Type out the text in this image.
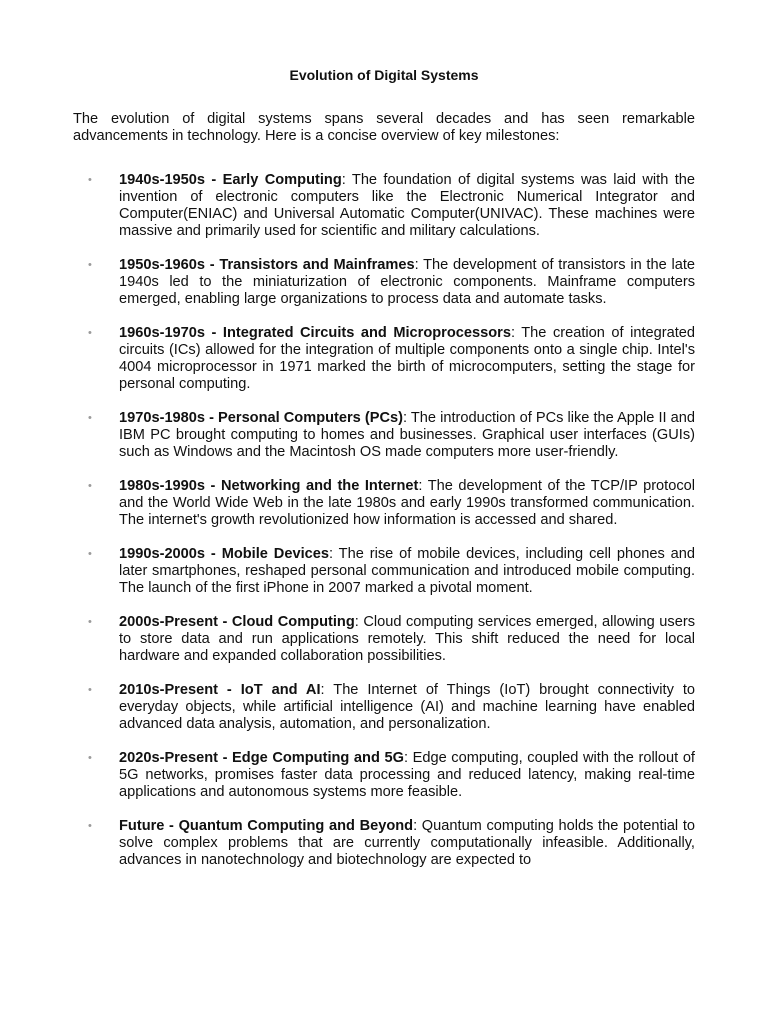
Evolution of Digital Systems

The evolution of digital systems spans several decades and has seen remarkable advancements in technology. Here is a concise overview of key milestones:

• 1940s-1950s - Early Computing: The foundation of digital systems was laid with the invention of electronic computers like the Electronic Numerical Integrator and Computer(ENIAC) and Universal Automatic Computer(UNIVAC). These machines were massive and primarily used for scientific and military calculations.
• 1950s-1960s - Transistors and Mainframes: The development of transistors in the late 1940s led to the miniaturization of electronic components. Mainframe computers emerged, enabling large organizations to process data and automate tasks.
• 1960s-1970s - Integrated Circuits and Microprocessors: The creation of integrated circuits (ICs) allowed for the integration of multiple components onto a single chip. Intel's 4004 microprocessor in 1971 marked the birth of microcomputers, setting the stage for personal computing.
• 1970s-1980s - Personal Computers (PCs): The introduction of PCs like the Apple II and IBM PC brought computing to homes and businesses. Graphical user interfaces (GUIs) such as Windows and the Macintosh OS made computers more user-friendly.
• 1980s-1990s - Networking and the Internet: The development of the TCP/IP protocol and the World Wide Web in the late 1980s and early 1990s transformed communication. The internet's growth revolutionized how information is accessed and shared.
• 1990s-2000s - Mobile Devices: The rise of mobile devices, including cell phones and later smartphones, reshaped personal communication and introduced mobile computing. The launch of the first iPhone in 2007 marked a pivotal moment.
• 2000s-Present - Cloud Computing: Cloud computing services emerged, allowing users to store data and run applications remotely. This shift reduced the need for local hardware and expanded collaboration possibilities.
• 2010s-Present - IoT and AI: The Internet of Things (IoT) brought connectivity to everyday objects, while artificial intelligence (AI) and machine learning have enabled advanced data analysis, automation, and personalization.
• 2020s-Present - Edge Computing and 5G: Edge computing, coupled with the rollout of 5G networks, promises faster data processing and reduced latency, making real-time applications and autonomous systems more feasible.
• Future - Quantum Computing and Beyond: Quantum computing holds the potential to solve complex problems that are currently computationally infeasible. Additionally, advances in nanotechnology and biotechnology are expected to
